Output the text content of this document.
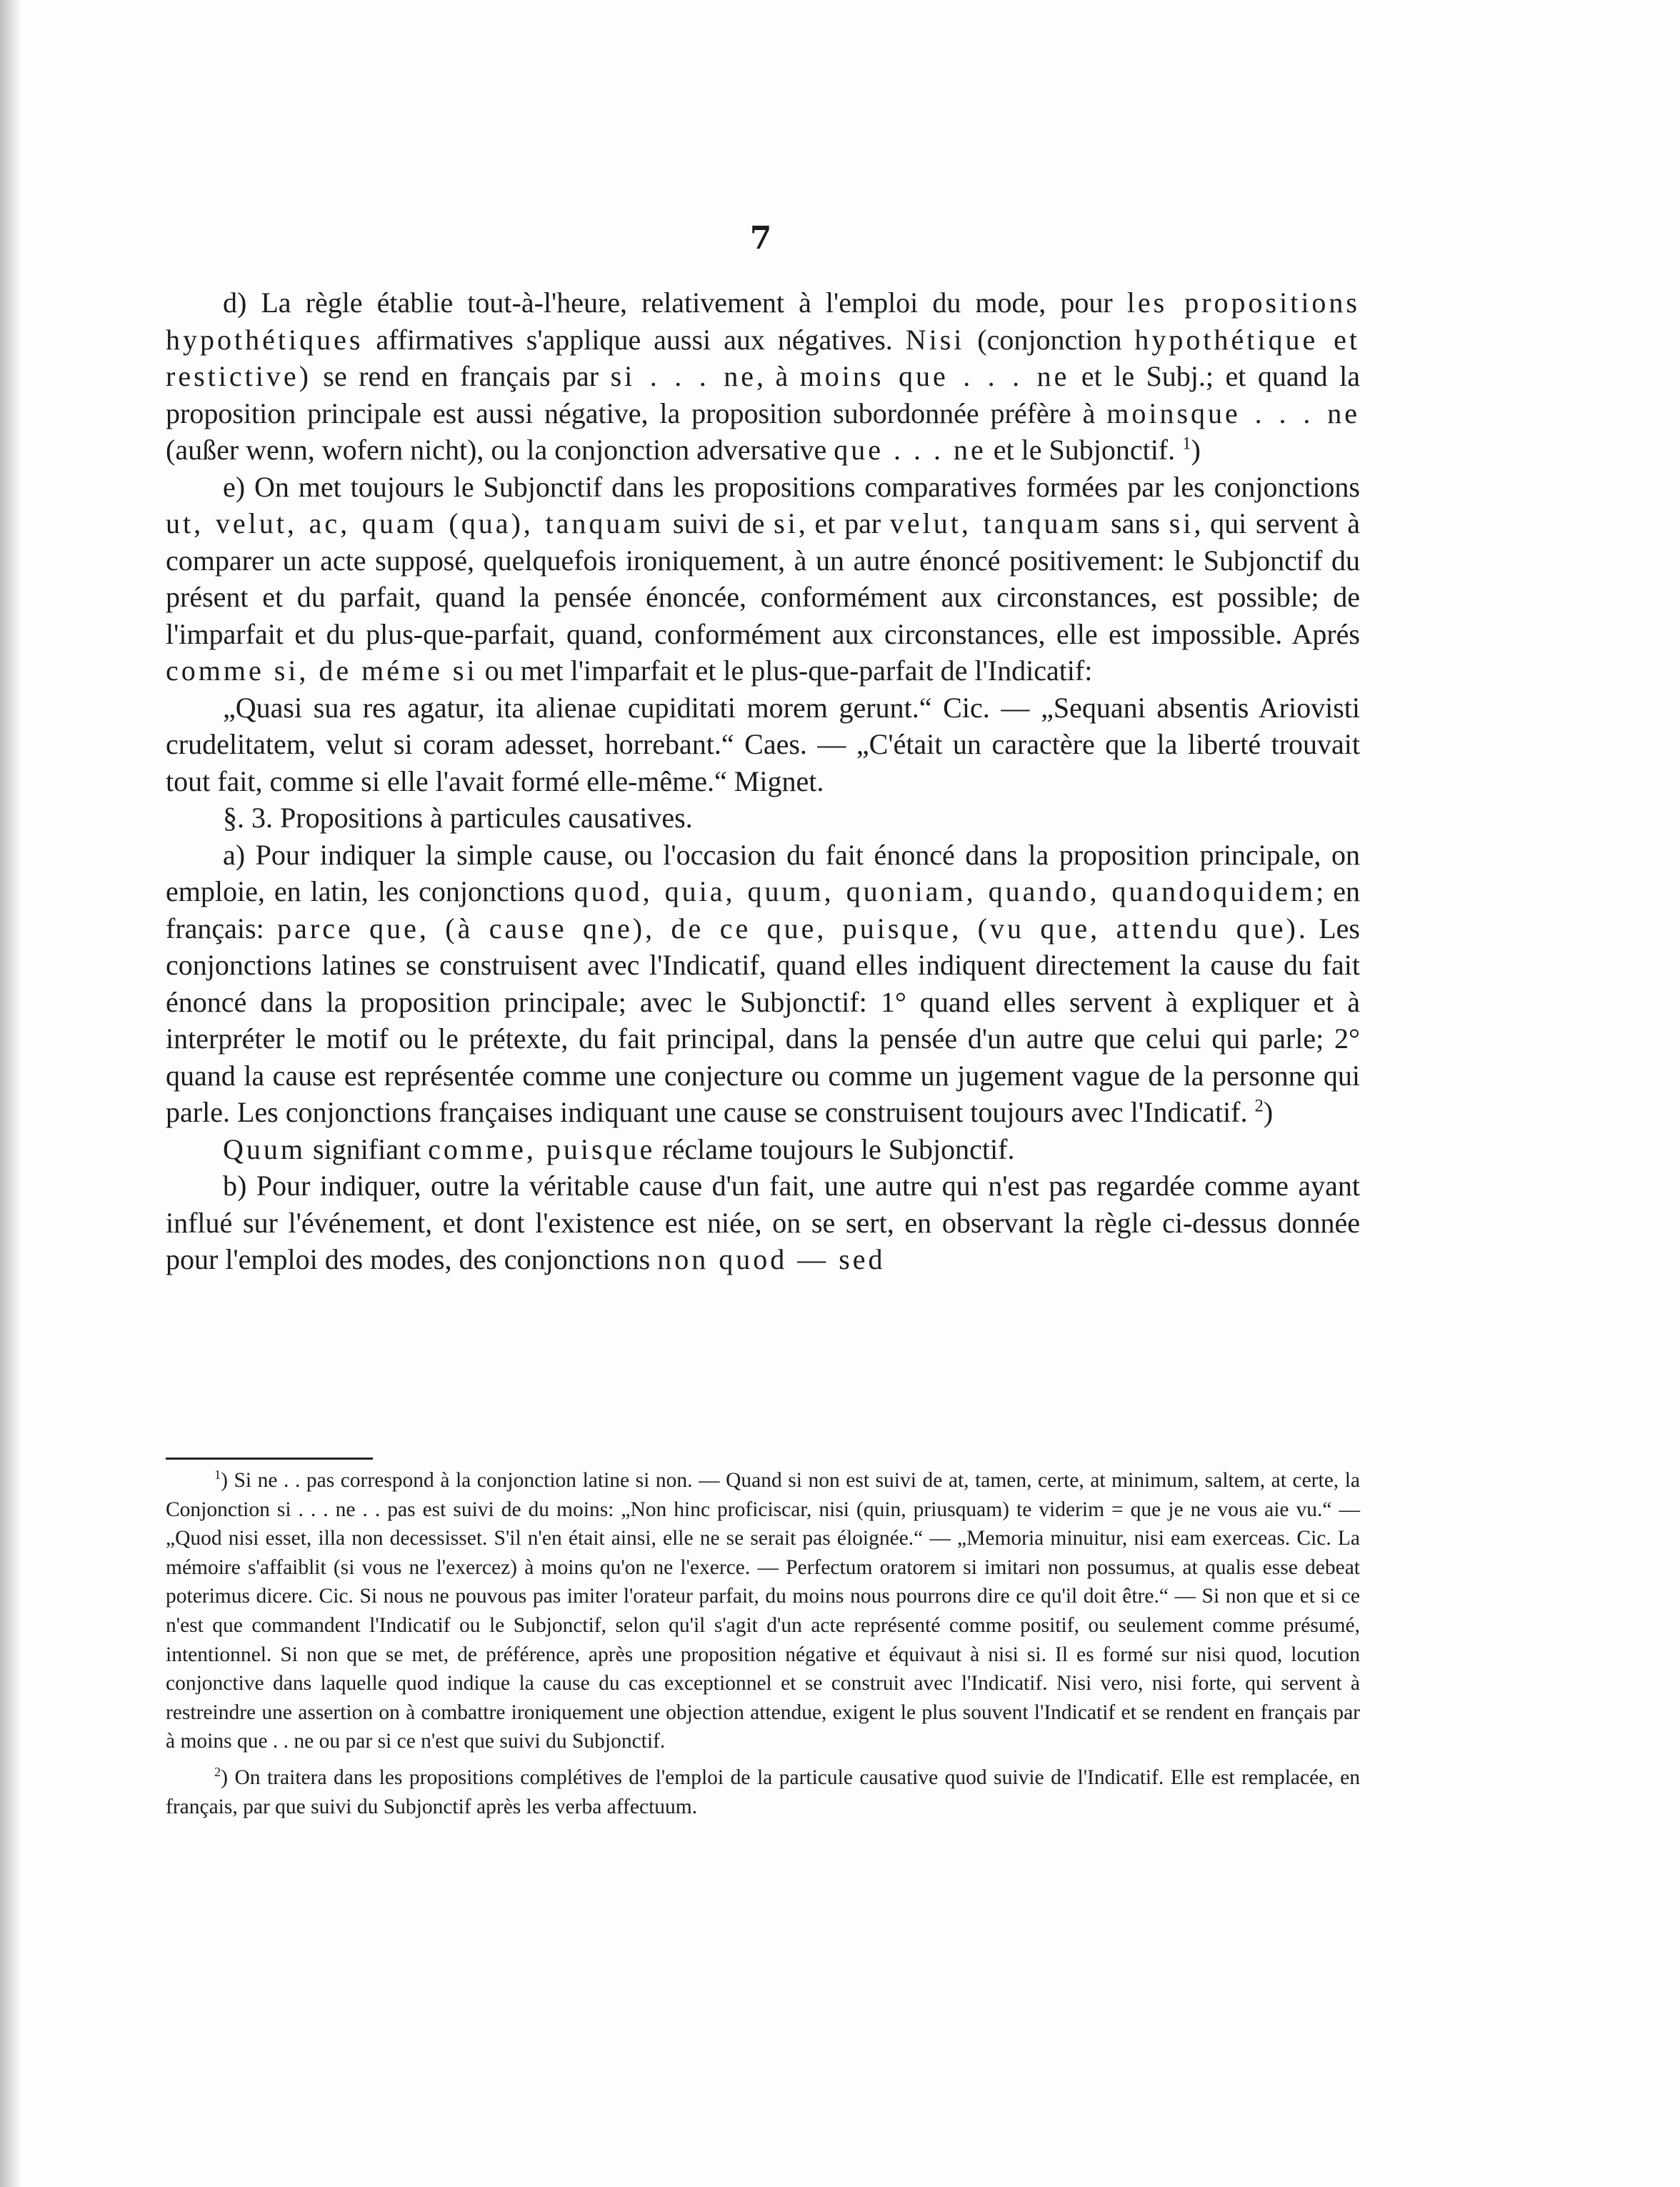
7

d) La règle établie tout-à-l'heure, relativement à l'emploi du mode, pour les propositions hypothétiques affirmatives s'applique aussi aux négatives. Nisi (conjonction hypothétique et restictive) se rend en français par si . . . ne, à moins que . . . ne et le Subj.; et quand la proposition principale est aussi négative, la proposition subordonnée préfère à moinsque . . . ne (außer wenn, wofern nicht), ou la conjonction adversative que . . . ne et le Subjonctif. $^1$)

e) On met toujours le Subjonctif dans les propositions comparatives formées par les conjonctions ut, velut, ac, quam (qua), tanquam suivi de si, et par velut, tanquam sans si, qui servent à comparer un acte supposé, quelquefois ironiquement, à un autre énoncé positivement: le Subjonctif du présent et du parfait, quand la pensée énoncée, conformément aux circonstances, est possible; de l'imparfait et du plus-que-parfait, quand, conformément aux circonstances, elle est impossible. Aprés comme si, de méme si ou met l'imparfait et le plus-que-parfait de l'Indicatif:

„Quasi sua res agatur, ita alienae cupiditati morem gerunt.“ Cic. — „Sequani absentis Ariovisti crudelitatem, velut si coram adesset, horrebant.“ Caes. — „C'était un caractère que la liberté trouvait tout fait, comme si elle l'avait formé elle-même.“ Mignet.

§. 3. Propositions à particules causatives.

a) Pour indiquer la simple cause, ou l'occasion du fait énoncé dans la proposition principale, on emploie, en latin, les conjonctions quod, quia, quum, quoniam, quando, quandoquidem; en français: parce que, (à cause qne), de ce que, puisque, (vu que, attendu que). Les conjonctions latines se construisent avec l'Indicatif, quand elles indiquent directement la cause du fait énoncé dans la proposition principale; avec le Subjonctif: 1° quand elles servent à expliquer et à interpréter le motif ou le prétexte, du fait principal, dans la pensée d'un autre que celui qui parle; 2° quand la cause est représentée comme une conjecture ou comme un jugement vague de la personne qui parle. Les conjonctions françaises indiquant une cause se construisent toujours avec l'Indicatif. $^2$)

Quum signifiant comme, puisque réclame toujours le Subjonctif.

b) Pour indiquer, outre la véritable cause d'un fait, une autre qui n'est pas regardée comme ayant influé sur l'événement, et dont l'existence est niée, on se sert, en observant la règle ci-dessus donnée pour l'emploi des modes, des conjonctions non quod — sed

$^1$) Si ne . . pas correspond à la conjonction latine si non. — Quand si non est suivi de at, tamen, certe, at minimum, saltem, at certe, la Conjonction si . . . ne . . pas est suivi de du moins: „Non hinc proficiscar, nisi (quin, priusquam) te viderim = que je ne vous aie vu.“ — „Quod nisi esset, illa non decessisset. S'il n'en était ainsi, elle ne se serait pas éloignée.“ — „Memoria minuitur, nisi eam exerceas. Cic. La mémoire s'affaiblit (si vous ne l'exercez) à moins qu'on ne l'exerce. — Perfectum oratorem si imitari non possumus, at qualis esse debeat poterimus dicere. Cic. Si nous ne pouvous pas imiter l'orateur parfait, du moins nous pourrons dire ce qu'il doit être.“ — Si non que et si ce n'est que commandent l'Indicatif ou le Subjonctif, selon qu'il s'agit d'un acte représenté comme positif, ou seulement comme présumé, intentionnel. Si non que se met, de préférence, après une proposition négative et équivaut à nisi si. Il es formé sur nisi quod, locution conjonctive dans laquelle quod indique la cause du cas exceptionnel et se construit avec l'Indicatif. Nisi vero, nisi forte, qui servent à restreindre une assertion on à combattre ironiquement une objection attendue, exigent le plus souvent l'Indicatif et se rendent en français par à moins que . . ne ou par si ce n'est que suivi du Subjonctif.

$^2$) On traitera dans les propositions complétives de l'emploi de la particule causative quod suivie de l'Indicatif. Elle est remplacée, en français, par que suivi du Subjonctif après les verba affectuum.
